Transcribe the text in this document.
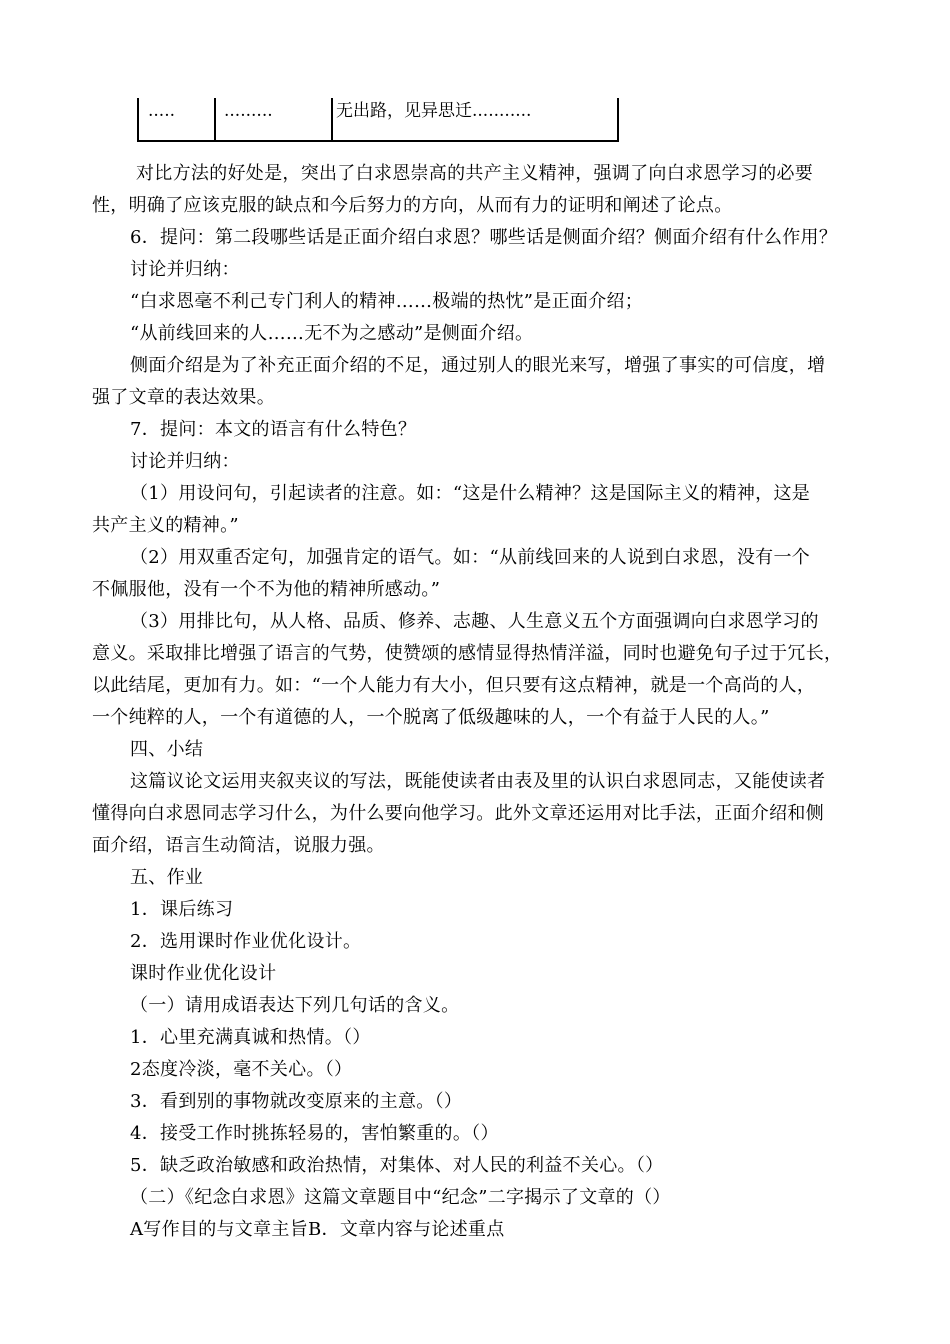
.....	.........	无出路，见异思迁...........
对比方法的好处是，突出了白求恩崇高的共产主义精神，强调了向白求恩学习的必要
性，明确了应该克服的缺点和今后努力的方向，从而有力的证明和阐述了论点。
6．提问：第二段哪些话是正面介绍白求恩？哪些话是侧面介绍？侧面介绍有什么作用？
讨论并归纳：
“白求恩毫不利己专门利人的精神……极端的热忱”是正面介绍；
“从前线回来的人……无不为之感动”是侧面介绍。
侧面介绍是为了补充正面介绍的不足，通过别人的眼光来写，增强了事实的可信度，增
强了文章的表达效果。
7．提问：本文的语言有什么特色？
讨论并归纳：
（1）用设问句，引起读者的注意。如：“这是什么精神？这是国际主义的精神，这是
共产主义的精神。”
（2）用双重否定句，加强肯定的语气。如：“从前线回来的人说到白求恩，没有一个
不佩服他，没有一个不为他的精神所感动。”
（3）用排比句，从人格、品质、修养、志趣、人生意义五个方面强调向白求恩学习的
意义。采取排比增强了语言的气势，使赞颂的感情显得热情洋溢，同时也避免句子过于冗长，
以此结尾，更加有力。如：“一个人能力有大小，但只要有这点精神，就是一个高尚的人，
一个纯粹的人，一个有道德的人，一个脱离了低级趣味的人，一个有益于人民的人。”
四、小结
这篇议论文运用夹叙夹议的写法，既能使读者由表及里的认识白求恩同志，又能使读者
懂得向白求恩同志学习什么，为什么要向他学习。此外文章还运用对比手法，正面介绍和侧
面介绍，语言生动简洁，说服力强。
五、作业
1．课后练习
2．选用课时作业优化设计。
课时作业优化设计
（一）请用成语表达下列几句话的含义。
1．心里充满真诚和热情。（）
2态度冷淡，毫不关心。（）
3．看到别的事物就改变原来的主意。（）
4．接受工作时挑拣轻易的，害怕繁重的。（）
5．缺乏政治敏感和政治热情，对集体、对人民的利益不关心。（）
（二）《纪念白求恩》这篇文章题目中“纪念”二字揭示了文章的（）
A写作目的与文章主旨B．文章内容与论述重点
